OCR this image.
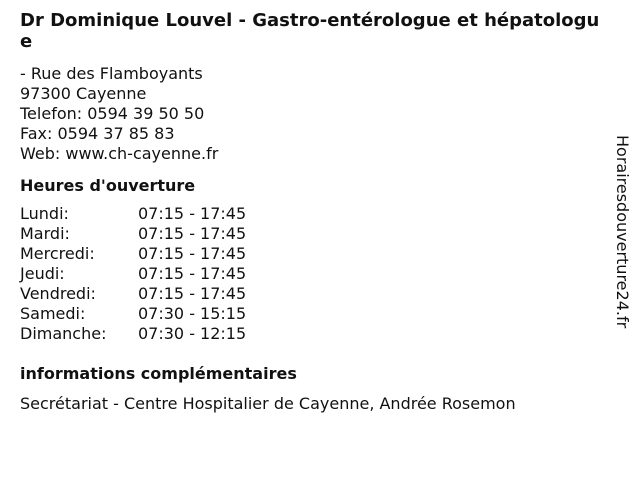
Dr Dominique Louvel - Gastro-entérologue et hépatologue
- Rue des Flamboyants
97300 Cayenne
Telefon: 0594 39 50 50
Fax: 0594 37 85 83
Web: www.ch-cayenne.fr
Heures d'ouverture
Lundi:	07:15 - 17:45
Mardi:	07:15 - 17:45
Mercredi:	07:15 - 17:45
Jeudi:	07:15 - 17:45
Vendredi:	07:15 - 17:45
Samedi:	07:30 - 15:15
Dimanche:	07:30 - 12:15
informations complémentaires
Secrétariat - Centre Hospitalier de Cayenne, Andrée Rosemon
Horairesdouverture24.fr
